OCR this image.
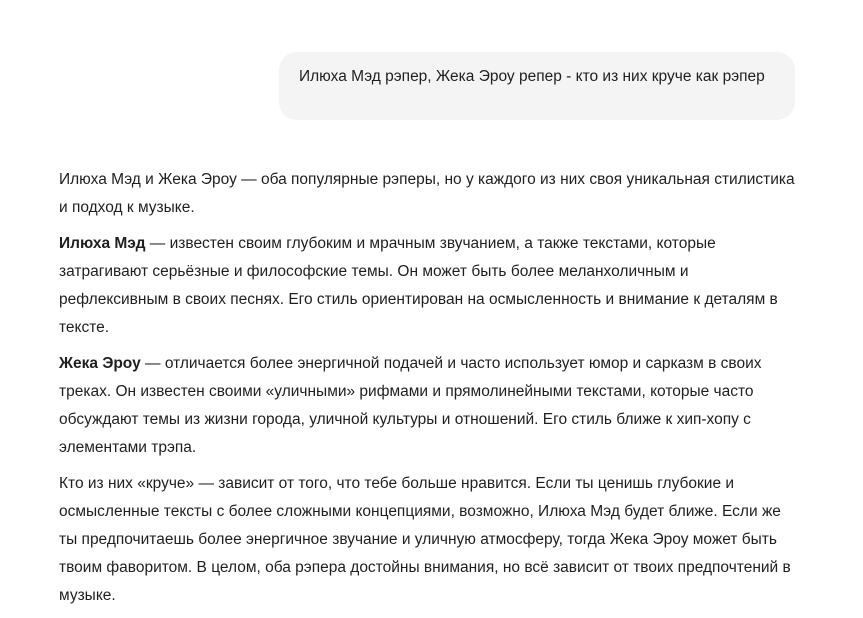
Илюха Мэд рэпер, Жека Эроу репер - кто из них круче как рэпер

Илюха Мэд и Жека Эроу — оба популярные рэперы, но у каждого из них своя уникальная стилистика и подход к музыке.

Илюха Мэд — известен своим глубоким и мрачным звучанием, а также текстами, которые затрагивают серьёзные и философские темы. Он может быть более меланхоличным и рефлексивным в своих песнях. Его стиль ориентирован на осмысленность и внимание к деталям в тексте.

Жека Эроу — отличается более энергичной подачей и часто использует юмор и сарказм в своих треках. Он известен своими «уличными» рифмами и прямолинейными текстами, которые часто обсуждают темы из жизни города, уличной культуры и отношений. Его стиль ближе к хип-хопу с элементами трэпа.

Кто из них «круче» — зависит от того, что тебе больше нравится. Если ты ценишь глубокие и осмысленные тексты с более сложными концепциями, возможно, Илюха Мэд будет ближе. Если же ты предпочитаешь более энергичное звучание и уличную атмосферу, тогда Жека Эроу может быть твоим фаворитом. В целом, оба рэпера достойны внимания, но всё зависит от твоих предпочтений в музыке.
